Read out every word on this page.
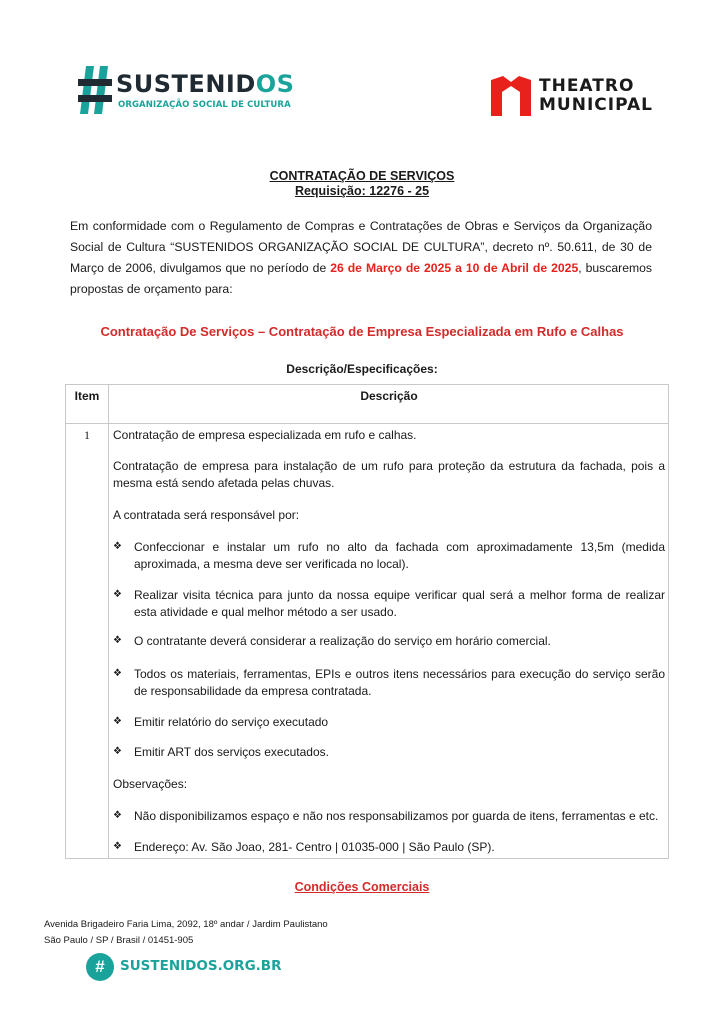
SUSTENIDOS
ORGANIZAÇÃO SOCIAL DE CULTURA
THEATRO
MUNICIPAL
CONTRATAÇÃO DE SERVIÇOS
Requisição: 12276 - 25
Em conformidade com o Regulamento de Compras e Contratações de Obras e Serviços da Organização Social de Cultura “SUSTENIDOS ORGANIZAÇÃO SOCIAL DE CULTURA”, decreto nº. 50.611, de 30 de Março de 2006, divulgamos que no período de 26 de Março de 2025 a 10 de Abril de 2025, buscaremos propostas de orçamento para:
Contratação De Serviços – Contratação de Empresa Especializada em Rufo e Calhas
Descrição/Especificações:
Item	Descrição
1	Contratação de empresa especializada em rufo e calhas.
Contratação de empresa para instalação de um rufo para proteção da estrutura da fachada, pois a mesma está sendo afetada pelas chuvas.
A contratada será responsável por:
❖ Confeccionar e instalar um rufo no alto da fachada com aproximadamente 13,5m (medida aproximada, a mesma deve ser verificada no local).
❖ Realizar visita técnica para junto da nossa equipe verificar qual será a melhor forma de realizar esta atividade e qual melhor método a ser usado.
❖ O contratante deverá considerar a realização do serviço em horário comercial.
❖ Todos os materiais, ferramentas, EPIs e outros itens necessários para execução do serviço serão de responsabilidade da empresa contratada.
❖ Emitir relatório do serviço executado
❖ Emitir ART dos serviços executados.
Observações:
❖ Não disponibilizamos espaço e não nos responsabilizamos por guarda de itens, ferramentas e etc.
❖ Endereço: Av. São Joao, 281- Centro | 01035-000 | São Paulo (SP).
Condições Comerciais
Avenida Brigadeiro Faria Lima, 2092, 18º andar / Jardim Paulistano
São Paulo / SP / Brasil / 01451-905
#	SUSTENIDOS.ORG.BR
